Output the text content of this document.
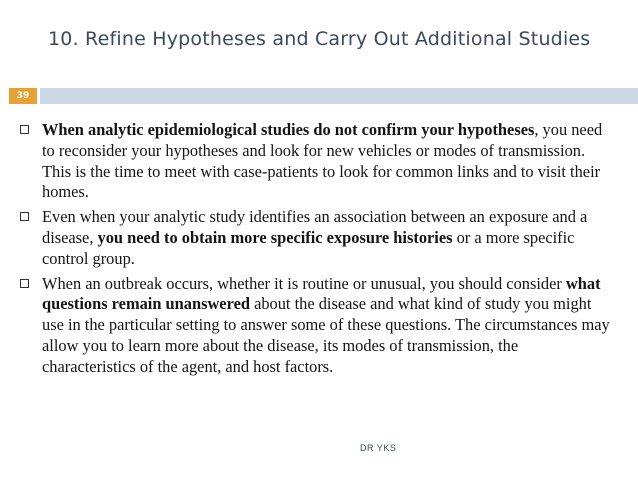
10. Refine Hypotheses and Carry Out Additional Studies
39
When analytic epidemiological studies do not confirm your hypotheses, you need to reconsider your hypotheses and look for new vehicles or modes of transmission. This is the time to meet with case-patients to look for common links and to visit their homes.
Even when your analytic study identifies an association between an exposure and a disease, you need to obtain more specific exposure histories or a more specific control group.
When an outbreak occurs, whether it is routine or unusual, you should consider what questions remain unanswered about the disease and what kind of study you might use in the particular setting to answer some of these questions. The circumstances may allow you to learn more about the disease, its modes of transmission, the characteristics of the agent, and host factors.
DR YKS
